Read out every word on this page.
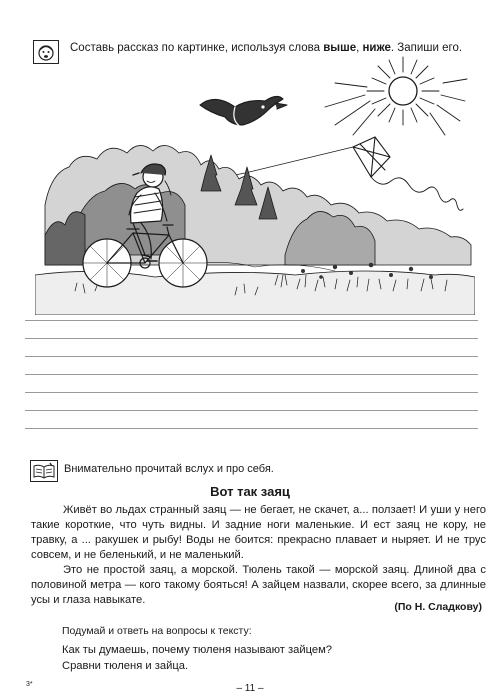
Составь рассказ по картинке, используя слова выше, ниже. Запиши его.
Внимательно прочитай вслух и про себя.
Вот так заяц

Живёт во льдах странный заяц — не бегает, не скачет, а... ползает! И уши у него такие короткие, что чуть видны. И задние ноги маленькие. И ест заяц не кору, не травку, а ... ракушек и рыбу! Воды не боится: прекрасно плавает и ныряет. И не трус совсем, и не беленький, и не маленький.

Это не простой заяц, а морской. Тюлень такой — морской заяц. Длиной два с половиной метра — кого такому бояться! А зайцем назвали, скорее всего, за длинные усы и глаза навыкате.

(По Н. Сладкову)
Подумай и ответь на вопросы к тексту:
Как ты думаешь, почему тюленя называют зайцем?
Сравни тюленя и зайца.
3*	– 11 –
